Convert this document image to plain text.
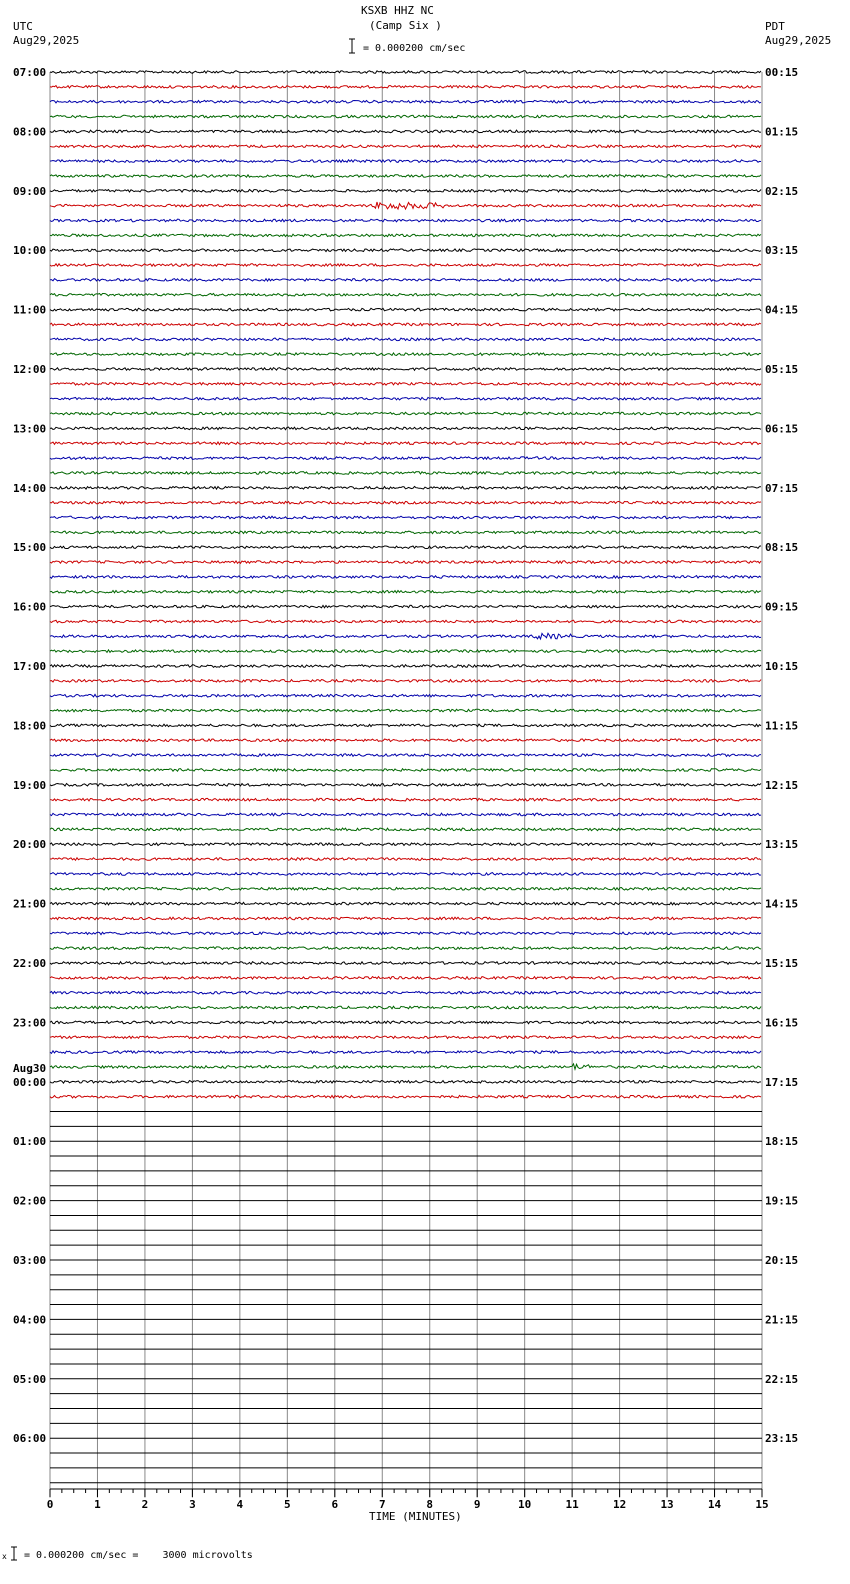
KSXB HHZ NC
(Camp Six )
UTC
Aug29,2025
PDT
Aug29,2025
= 0.000200 cm/sec
0	1	2	3	4	5	6	7	8	9	10	11	12	13	14	15
07:00
08:00
09:00
10:00
11:00
12:00
13:00
14:00
15:00
16:00
17:00
18:00
19:00
20:00
21:00
22:00
23:00
00:00
01:00
02:00
03:00
04:00
05:00
06:00
00:15
01:15
02:15
03:15
04:15
05:15
06:15
07:15
08:15
09:15
10:15
11:15
12:15
13:15
14:15
15:15
16:15
17:15
18:15
19:15
20:15
21:15
22:15
23:15
Aug30
x
TIME (MINUTES)
= 0.000200 cm/sec =    3000 microvolts
